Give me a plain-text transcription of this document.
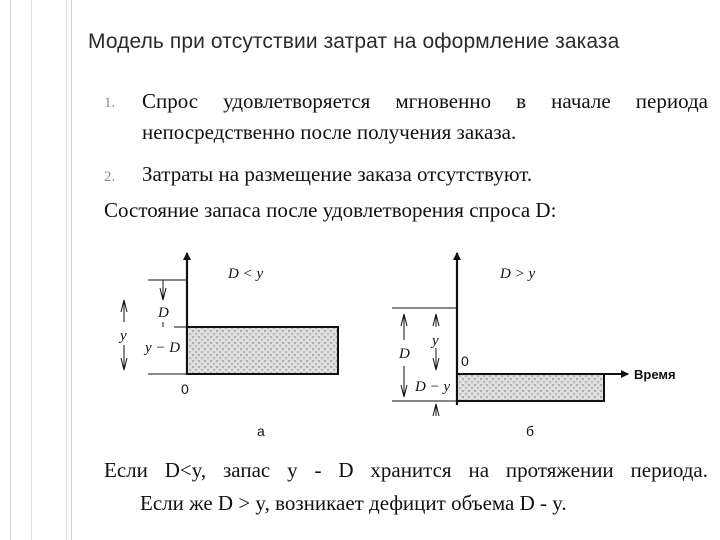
Модель при отсутствии затрат на оформление заказа
1. Спрос удовлетворяется мгновенно в начале периода
непосредственно после получения заказа.
2. Затраты на размещение заказа отсутствуют.
Состояние запаса после удовлетворения спроса D:
D < y
D
y
y − D
0
а
D > y
y
D
D − y
0
Время
б
Если D<y, запас y - D хранится на протяжении периода.
Если же D > y, возникает дефицит объема D - y.
